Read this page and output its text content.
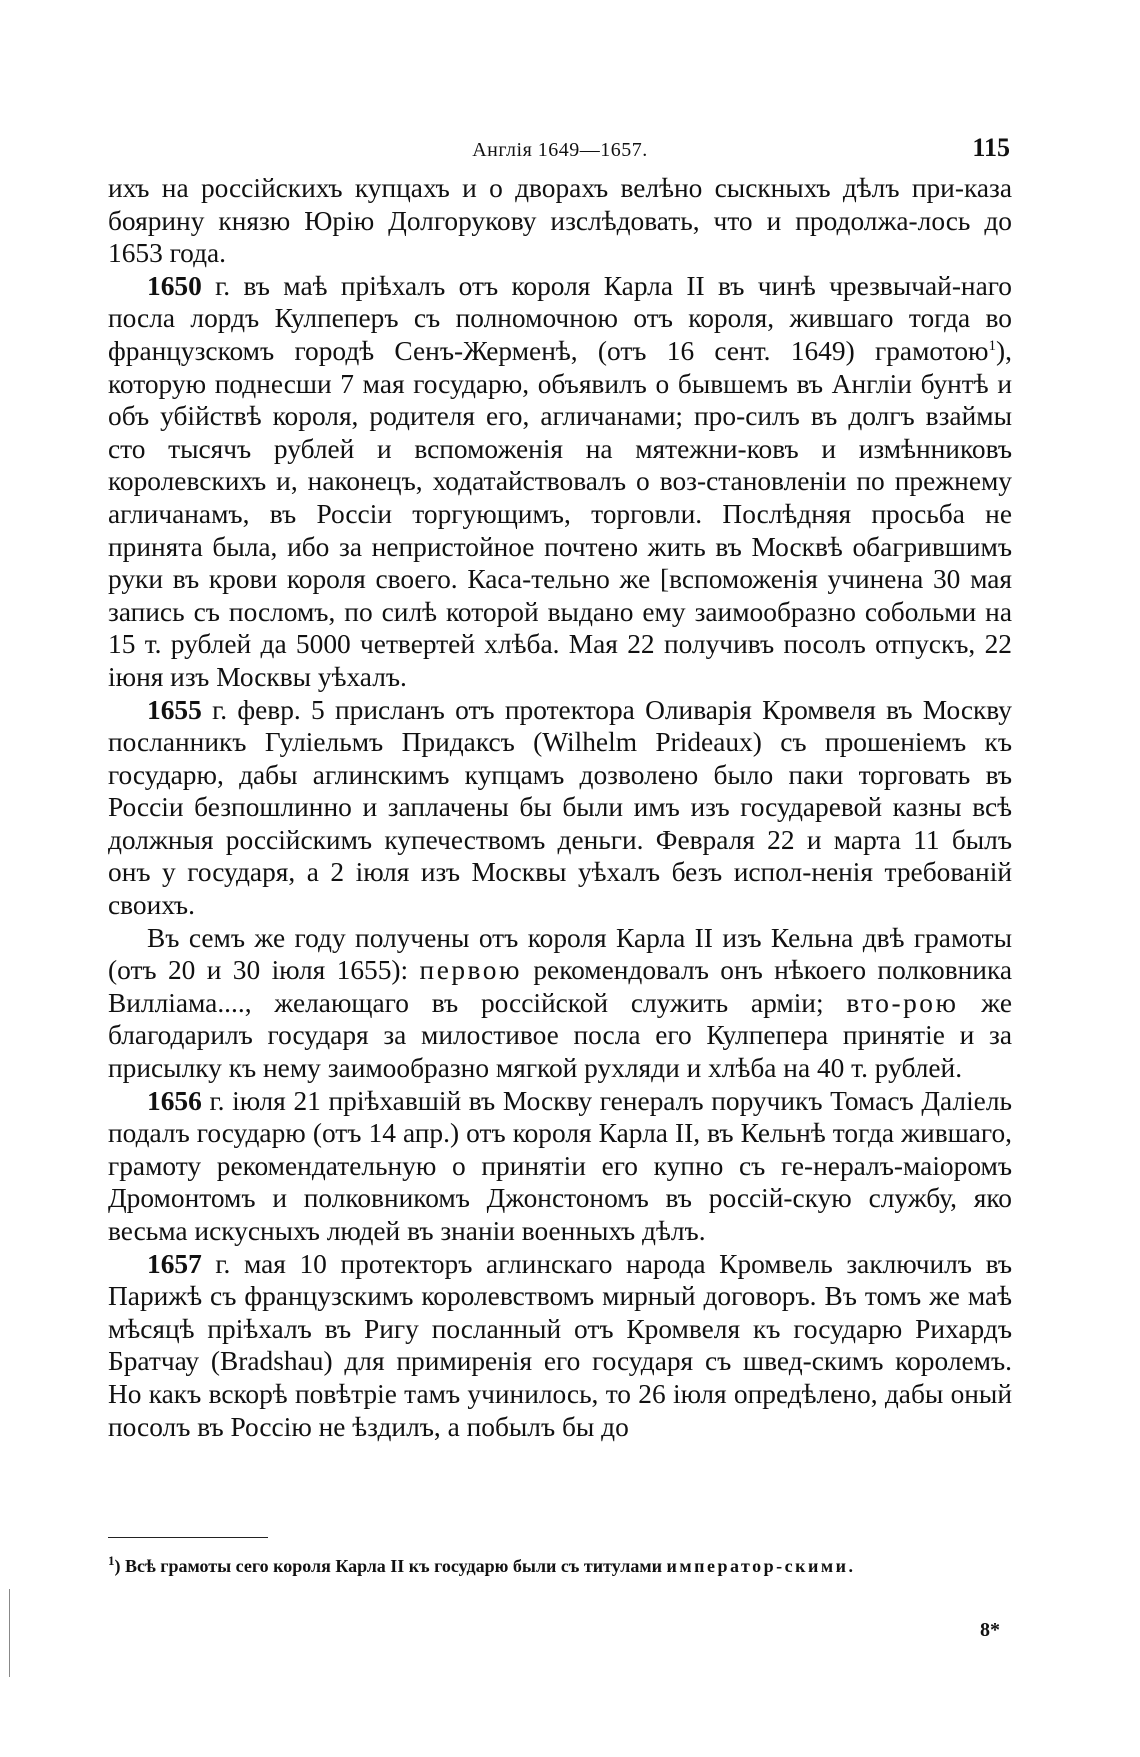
Англія 1649—1657.	115

ихъ на россійскихъ купцахъ и о дворахъ велѣно сыскныхъ дѣлъ при-каза боярину князю Юрію Долгорукову изслѣдовать, что и продолжа-лось до 1653 года.

1650 г. въ маѣ пріѣхалъ отъ короля Карла II въ чинѣ чрезвычай-наго посла лордъ Кулпеперъ съ полномочною отъ короля, жившаго тогда во французскомъ городѣ Сенъ-Жерменѣ, (отъ 16 сент. 1649) грамотою$^1$), которую поднесши 7 мая государю, объявилъ о бывшемъ въ Англіи бунтѣ и объ убійствѣ короля, родителя его, агличанами; про-силъ въ долгъ взаймы сто тысячъ рублей и вспоможенія на мятежни-ковъ и измѣнниковъ королевскихъ и, наконецъ, ходатайствовалъ о воз-становленіи по прежнему агличанамъ, въ Россіи торгующимъ, торговли. Послѣдняя просьба не принята была, ибо за непристойное почтено жить въ Москвѣ обагрившимъ руки въ крови короля своего. Каса-тельно же [вспоможенія учинена 30 мая запись съ посломъ, по силѣ которой выдано ему заимообразно собольми на 15 т. рублей да 5000 четвертей хлѣба. Мая 22 получивъ посолъ отпускъ, 22 іюня изъ Москвы уѣхалъ.

1655 г. февр. 5 присланъ отъ протектора Оливарія Кромвеля въ Москву посланникъ Гуліельмъ Придаксъ (Wilhelm Prideaux) съ прошеніемъ къ государю, дабы аглинскимъ купцамъ дозволено было паки торговать въ Россіи безпошлинно и заплачены бы были имъ изъ государевой казны всѣ должныя россійскимъ купечествомъ деньги. Февраля 22 и марта 11 былъ онъ у государя, а 2 іюля изъ Москвы уѣхалъ безъ испол-ненія требованій своихъ.

Въ семъ же году получены отъ короля Карла II изъ Кельна двѣ грамоты (отъ 20 и 30 іюля 1655): первою рекомендовалъ онъ нѣкоего полковника Вилліама...., желающаго въ россійской служить арміи; вто-рою же благодарилъ государя за милостивое посла его Кулпепера принятіе и за присылку къ нему заимообразно мягкой рухляди и хлѣба на 40 т. рублей.

1656 г. іюля 21 пріѣхавшій въ Москву генералъ поручикъ Томасъ Даліель подалъ государю (отъ 14 апр.) отъ короля Карла II, въ Кельнѣ тогда жившаго, грамоту рекомендательную о принятіи его купно съ ге-нералъ-маіоромъ Дромонтомъ и полковникомъ Джонстономъ въ россій-скую службу, яко весьма искусныхъ людей въ знаніи военныхъ дѣлъ.

1657 г. мая 10 протекторъ аглинскаго народа Кромвель заключилъ въ Парижѣ съ французскимъ королевствомъ мирный договоръ. Въ томъ же маѣ мѣсяцѣ пріѣхалъ въ Ригу посланный отъ Кромвеля къ государю Рихардъ Братчау (Bradshau) для примиренія его государя съ швед-скимъ королемъ. Но какъ вскорѣ повѣтріе тамъ учинилось, то 26 іюля опредѣлено, дабы оный посолъ въ Россію не ѣздилъ, а побылъ бы до

$^1$) Всѣ грамоты сего короля Карла II къ государю были съ титулами император-скими.
8*
